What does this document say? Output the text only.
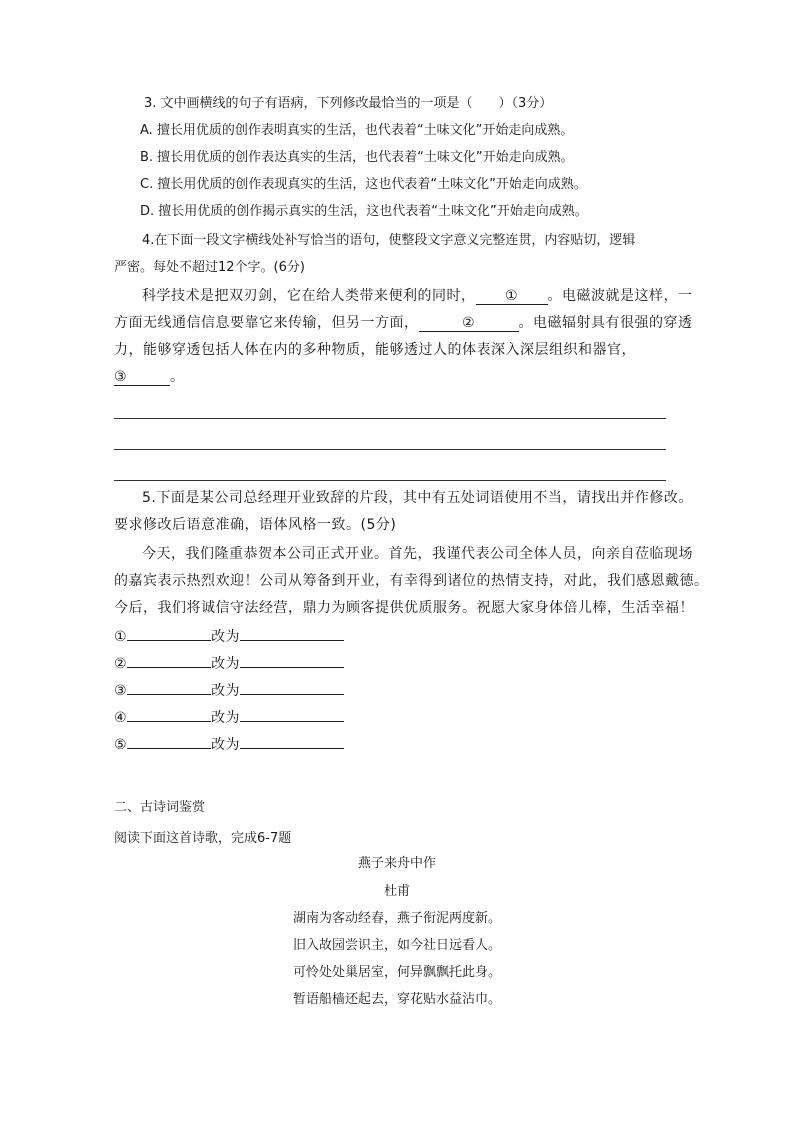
3. 文中画横线的句子有语病，下列修改最恰当的一项是（　　）（3分）
A. 擅长用优质的创作表明真实的生活，也代表着“土味文化”开始走向成熟。
B. 擅长用优质的创作表达真实的生活，也代表着“土味文化”开始走向成熟。
C. 擅长用优质的创作表现真实的生活，这也代表着“土味文化”开始走向成熟。
D. 擅长用优质的创作揭示真实的生活，这也代表着“土味文化”开始走向成熟。
4.在下面一段文字横线处补写恰当的语句，使整段文字意义完整连贯，内容贴切，逻辑
严密。每处不超过12个字。(6分)
科学技术是把双刃剑，它在给人类带来便利的同时， ① 。电磁波就是这样，一
方面无线通信信息要靠它来传输，但另一方面，	②	。电磁辐射具有很强的穿透
力，能够穿透包括人体在内的多种物质，能够透过人的体表深入深层组织和器官，
③	。
5.下面是某公司总经理开业致辞的片段，其中有五处词语使用不当，请找出并作修改。
要求修改后语意准确，语体风格一致。(5分)
今天，我们隆重恭贺本公司正式开业。首先，我谨代表公司全体人员，向亲自莅临现场
的嘉宾表示热烈欢迎！公司从筹备到开业，有幸得到诸位的热情支持，对此，我们感恩戴德。
今后，我们将诚信守法经营，鼎力为顾客提供优质服务。祝愿大家身体倍儿棒，生活幸福！
①	改为
②	改为
③	改为
④	改为
⑤	改为
二、古诗词鉴赏
阅读下面这首诗歌，完成6-7题
燕子来舟中作
杜甫
湖南为客动经春，燕子衔泥两度新。
旧入故园尝识主，如今社日远看人。
可怜处处巢居室，何异飘飘托此身。
暂语船樯还起去，穿花贴水益沾巾。
